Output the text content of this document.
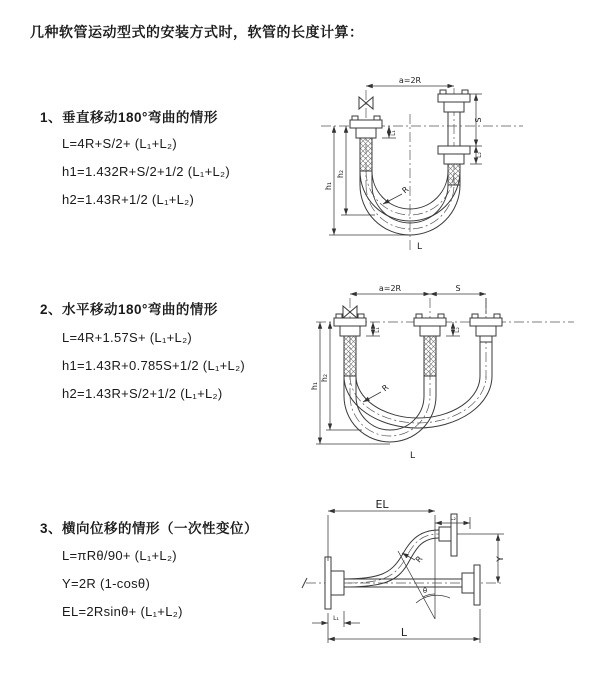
几种软管运动型式的安装方式时，软管的长度计算：
1、垂直移动180°弯曲的情形
L=4R+S/2+ (L₁+L₂)
h1=1.432R+S/2+1/2 (L₁+L₂)
h2=1.43R+1/2 (L₁+L₂)
2、水平移动180°弯曲的情形
L=4R+1.57S+ (L₁+L₂)
h1=1.43R+0.785S+1/2 (L₁+L₂)
h2=1.43R+S/2+1/2 (L₁+L₂)
3、横向位移的情形（一次性变位）
L=πRθ/90+ (L₁+L₂)
Y=2R (1-cosθ)
EL=2Rsinθ+ (L₁+L₂)
a=2R
h₁
h₂
L₁
S
L₂
R
L
a=2R	S
h₁
h₂
L₁	L₂
R
L
θ
R
EL
L₂
Y
L
L₁
